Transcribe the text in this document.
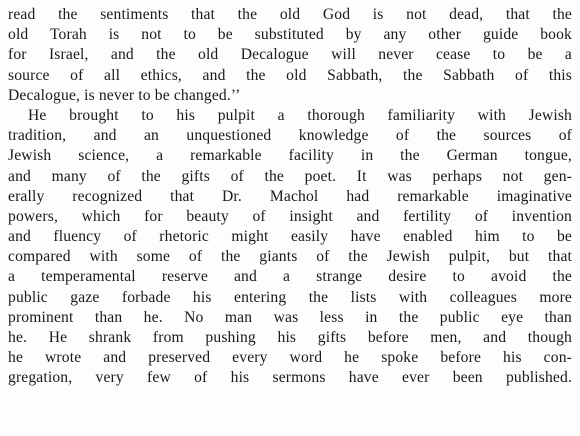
read the sentiments that the old God is not dead, that the
old Torah is not to be substituted by any other guide book
for Israel, and the old Decalogue will never cease to be a
source of all ethics, and the old Sabbath, the Sabbath of this
Decalogue, is never to be changed.’’
He brought to his pulpit a thorough familiarity with Jewish
tradition, and an unquestioned knowledge of the sources of
Jewish science, a remarkable facility in the German tongue,
and many of the gifts of the poet. It was perhaps not gen-
erally recognized that Dr. Machol had remarkable imaginative
powers, which for beauty of insight and fertility of invention
and fluency of rhetoric might easily have enabled him to be
compared with some of the giants of the Jewish pulpit, but that
a temperamental reserve and a strange desire to avoid the
public gaze forbade his entering the lists with colleagues more
prominent than he. No man was less in the public eye than
he. He shrank from pushing his gifts before men, and though
he wrote and preserved every word he spoke before his con-
gregation, very few of his sermons have ever been published.
